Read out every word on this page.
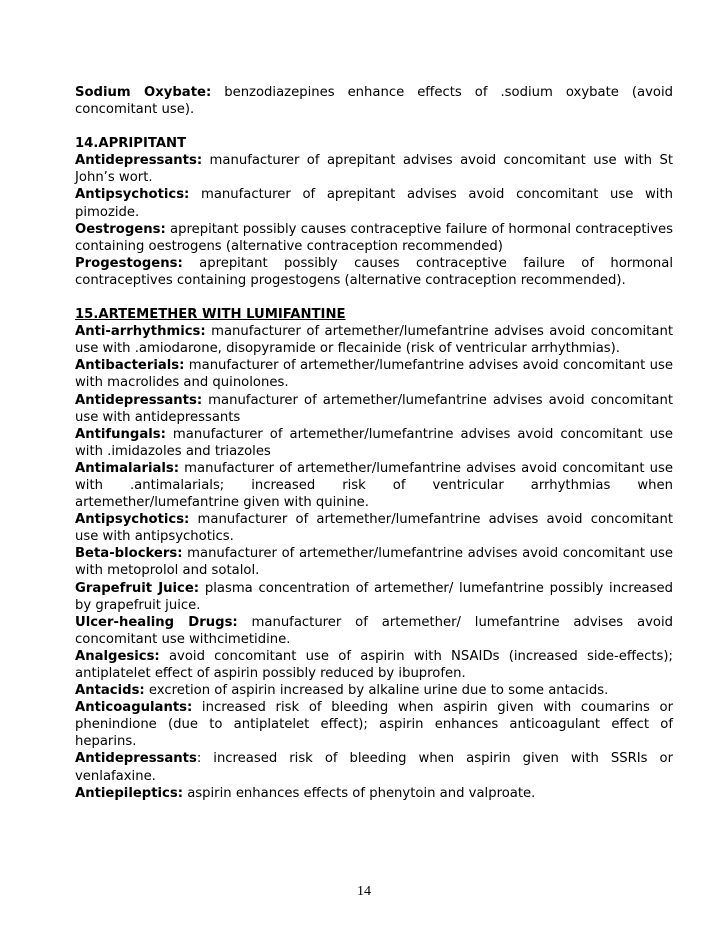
Sodium Oxybate: benzodiazepines enhance effects of .sodium oxybate (avoid concomitant use).

14.APRIPITANT

Antidepressants: manufacturer of aprepitant advises avoid concomitant use with St John’s wort.

Antipsychotics: manufacturer of aprepitant advises avoid concomitant use with pimozide.

Oestrogens: aprepitant possibly causes contraceptive failure of hormonal contraceptives containing oestrogens (alternative contraception recommended)

Progestogens: aprepitant possibly causes contraceptive failure of hormonal contraceptives containing progestogens (alternative contraception recommended).

15.ARTEMETHER WITH LUMIFANTINE

Anti-arrhythmics: manufacturer of artemether/lumefantrine advises avoid concomitant use with .amiodarone, disopyramide or flecainide (risk of ventricular arrhythmias).

Antibacterials: manufacturer of artemether/lumefantrine advises avoid concomitant use with macrolides and quinolones.

Antidepressants: manufacturer of artemether/lumefantrine advises avoid concomitant use with antidepressants

Antifungals: manufacturer of artemether/lumefantrine advises avoid concomitant use with .imidazoles and triazoles

Antimalarials: manufacturer of artemether/lumefantrine advises avoid concomitant use with .antimalarials; increased risk of ventricular arrhythmias when artemether/lumefantrine given with quinine.

Antipsychotics: manufacturer of artemether/lumefantrine advises avoid concomitant use with antipsychotics.

Beta-blockers: manufacturer of artemether/lumefantrine advises avoid concomitant use with metoprolol and sotalol.

Grapefruit Juice: plasma concentration of artemether/ lumefantrine possibly increased by grapefruit juice.

Ulcer-healing Drugs: manufacturer of artemether/ lumefantrine advises avoid concomitant use withcimetidine.

Analgesics: avoid concomitant use of aspirin with NSAIDs (increased side-effects); antiplatelet effect of aspirin possibly reduced by ibuprofen.

Antacids: excretion of aspirin increased by alkaline urine due to some antacids.

Anticoagulants: increased risk of bleeding when aspirin given with coumarins or phenindione (due to antiplatelet effect); aspirin enhances anticoagulant effect of heparins.

Antidepressants: increased risk of bleeding when aspirin given with SSRIs or venlafaxine.

Antiepileptics: aspirin enhances effects of phenytoin and valproate.

14
